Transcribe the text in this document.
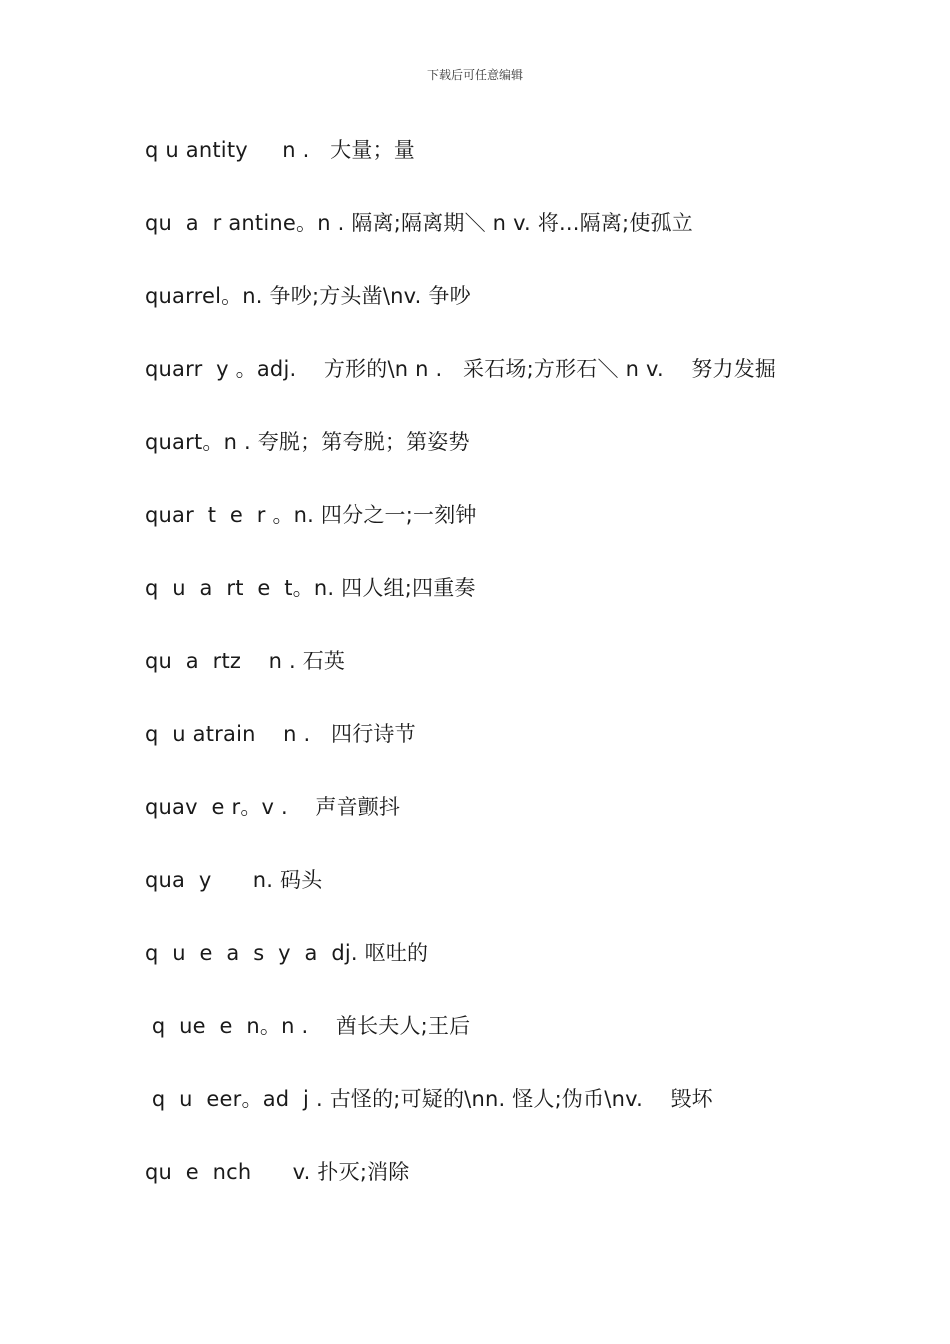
下载后可任意编辑
q u antity     n .   大量；量
qu  a  r antine。n . 隔离;隔离期＼ n v. 将...隔离;使孤立
quarrel。n. 争吵;方头凿\nv. 争吵
quarr  y 。adj.    方形的\n n .   采石场;方形石＼ n v.    努力发掘
quart。n . 夸脱；第夸脱；第姿势
quar  t  e  r 。n. 四分之一;一刻钟
q  u  a  rt  e  t。n. 四人组;四重奏
qu  a  rtz    n . 石英
q  u atrain    n .   四行诗节
quav  e r。v .    声音颤抖
qua  y      n. 码头
q  u  e  a  s  y  a  dj. 呕吐的
q  ue  e  n。n .    酋长夫人;王后
q  u  eer。ad  j . 古怪的;可疑的\nn. 怪人;伪币\nv.    毁坏
qu  e  nch      v. 扑灭;消除
